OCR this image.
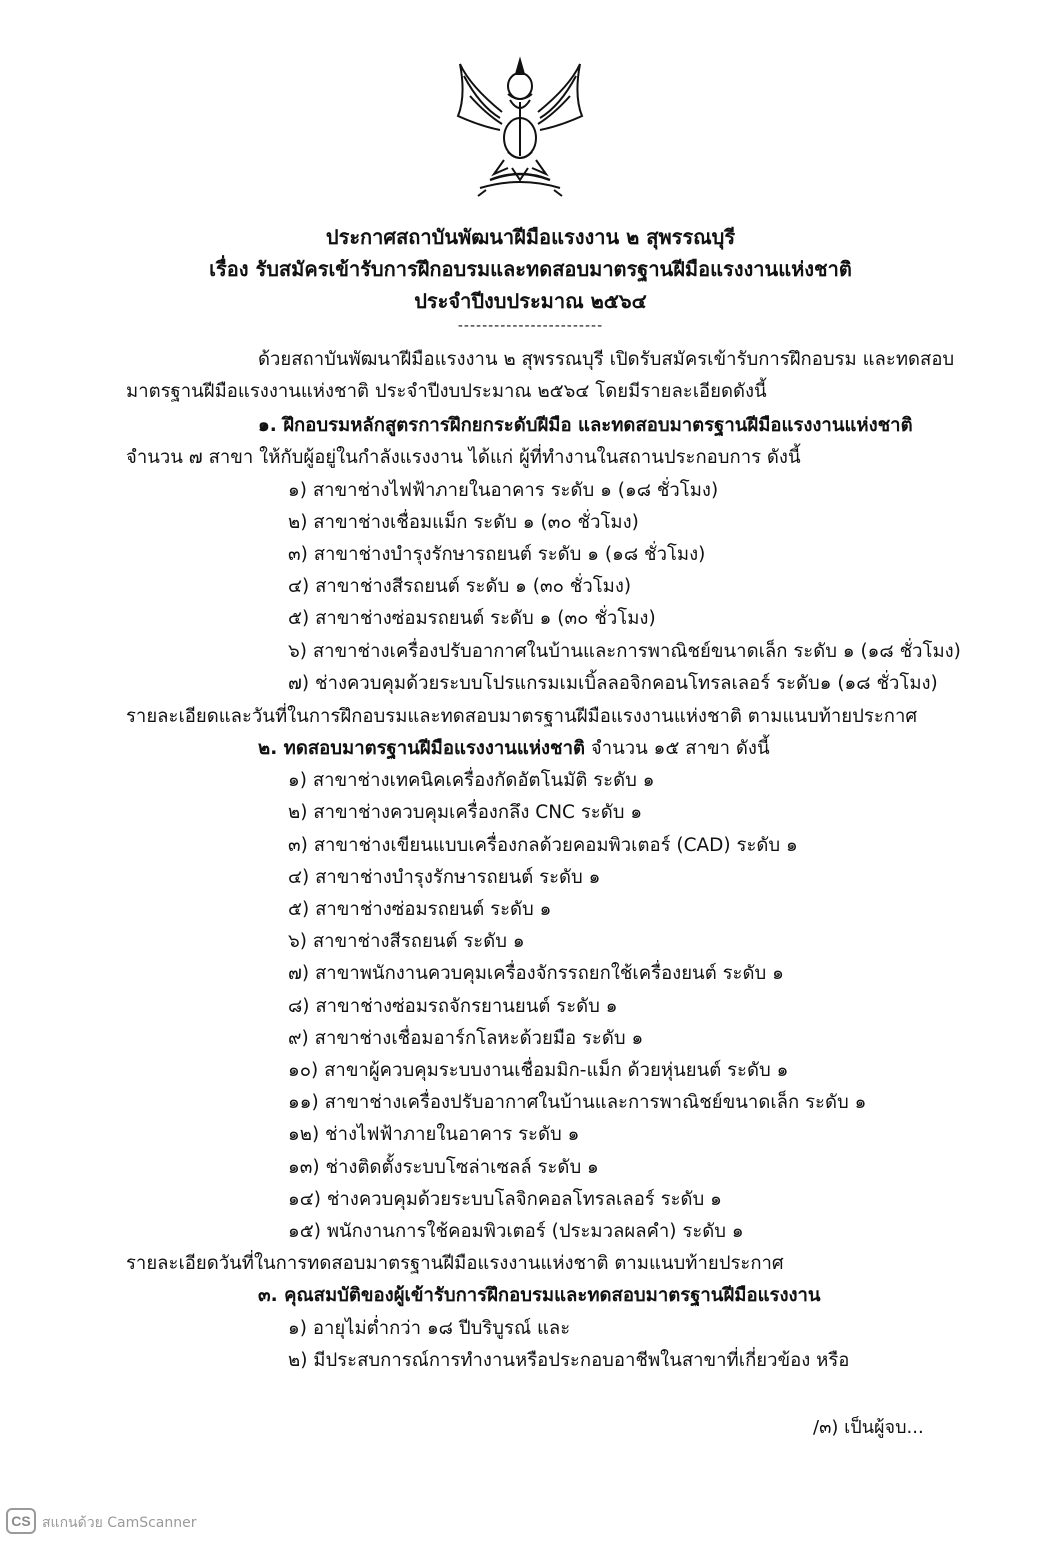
ประกาศสถาบันพัฒนาฝีมือแรงงาน ๒ สุพรรณบุรี
เรื่อง รับสมัครเข้ารับการฝึกอบรมและทดสอบมาตรฐานฝีมือแรงงานแห่งชาติ
ประจำปีงบประมาณ ๒๕๖๔
------------------------
ด้วยสถาบันพัฒนาฝีมือแรงงาน ๒ สุพรรณบุรี เปิดรับสมัครเข้ารับการฝึกอบรม และทดสอบ
มาตรฐานฝีมือแรงงานแห่งชาติ ประจำปีงบประมาณ ๒๕๖๔ โดยมีรายละเอียดดังนี้
๑. ฝึกอบรมหลักสูตรการฝึกยกระดับฝีมือ และทดสอบมาตรฐานฝีมือแรงงานแห่งชาติ
จำนวน ๗ สาขา ให้กับผู้อยู่ในกำลังแรงงาน ได้แก่ ผู้ที่ทำงานในสถานประกอบการ ดังนี้
๑) สาขาช่างไฟฟ้าภายในอาคาร ระดับ ๑ (๑๘ ชั่วโมง)
๒) สาขาช่างเชื่อมแม็ก ระดับ ๑ (๓๐ ชั่วโมง)
๓) สาขาช่างบำรุงรักษารถยนต์ ระดับ ๑ (๑๘ ชั่วโมง)
๔) สาขาช่างสีรถยนต์ ระดับ ๑ (๓๐ ชั่วโมง)
๕) สาขาช่างซ่อมรถยนต์ ระดับ ๑ (๓๐ ชั่วโมง)
๖) สาขาช่างเครื่องปรับอากาศในบ้านและการพาณิชย์ขนาดเล็ก ระดับ ๑ (๑๘ ชั่วโมง)
๗) ช่างควบคุมด้วยระบบโปรแกรมเมเบิ้ลลอจิกคอนโทรลเลอร์ ระดับ๑ (๑๘ ชั่วโมง)
รายละเอียดและวันที่ในการฝึกอบรมและทดสอบมาตรฐานฝีมือแรงงานแห่งชาติ ตามแนบท้ายประกาศ
๒. ทดสอบมาตรฐานฝีมือแรงงานแห่งชาติ จำนวน ๑๕ สาขา ดังนี้
๑) สาขาช่างเทคนิคเครื่องกัดอัตโนมัติ ระดับ ๑
๒) สาขาช่างควบคุมเครื่องกลึง CNC ระดับ ๑
๓) สาขาช่างเขียนแบบเครื่องกลด้วยคอมพิวเตอร์ (CAD) ระดับ ๑
๔) สาขาช่างบำรุงรักษารถยนต์ ระดับ ๑
๕) สาขาช่างซ่อมรถยนต์ ระดับ ๑
๖) สาขาช่างสีรถยนต์ ระดับ ๑
๗) สาขาพนักงานควบคุมเครื่องจักรรถยกใช้เครื่องยนต์ ระดับ ๑
๘) สาขาช่างซ่อมรถจักรยานยนต์ ระดับ ๑
๙) สาขาช่างเชื่อมอาร์กโลหะด้วยมือ ระดับ ๑
๑๐) สาขาผู้ควบคุมระบบงานเชื่อมมิก-แม็ก ด้วยหุ่นยนต์ ระดับ ๑
๑๑) สาขาช่างเครื่องปรับอากาศในบ้านและการพาณิชย์ขนาดเล็ก ระดับ ๑
๑๒) ช่างไฟฟ้าภายในอาคาร ระดับ ๑
๑๓) ช่างติดตั้งระบบโซล่าเซลล์ ระดับ ๑
๑๔) ช่างควบคุมด้วยระบบโลจิกคอลโทรลเลอร์ ระดับ ๑
๑๕) พนักงานการใช้คอมพิวเตอร์ (ประมวลผลคำ) ระดับ ๑
รายละเอียดวันที่ในการทดสอบมาตรฐานฝีมือแรงงานแห่งชาติ ตามแนบท้ายประกาศ
๓. คุณสมบัติของผู้เข้ารับการฝึกอบรมและทดสอบมาตรฐานฝีมือแรงงาน
๑) อายุไม่ต่ำกว่า ๑๘ ปีบริบูรณ์ และ
๒) มีประสบการณ์การทำงานหรือประกอบอาชีพในสาขาที่เกี่ยวข้อง หรือ
/๓) เป็นผู้จบ...
CS สแกนด้วย CamScanner
